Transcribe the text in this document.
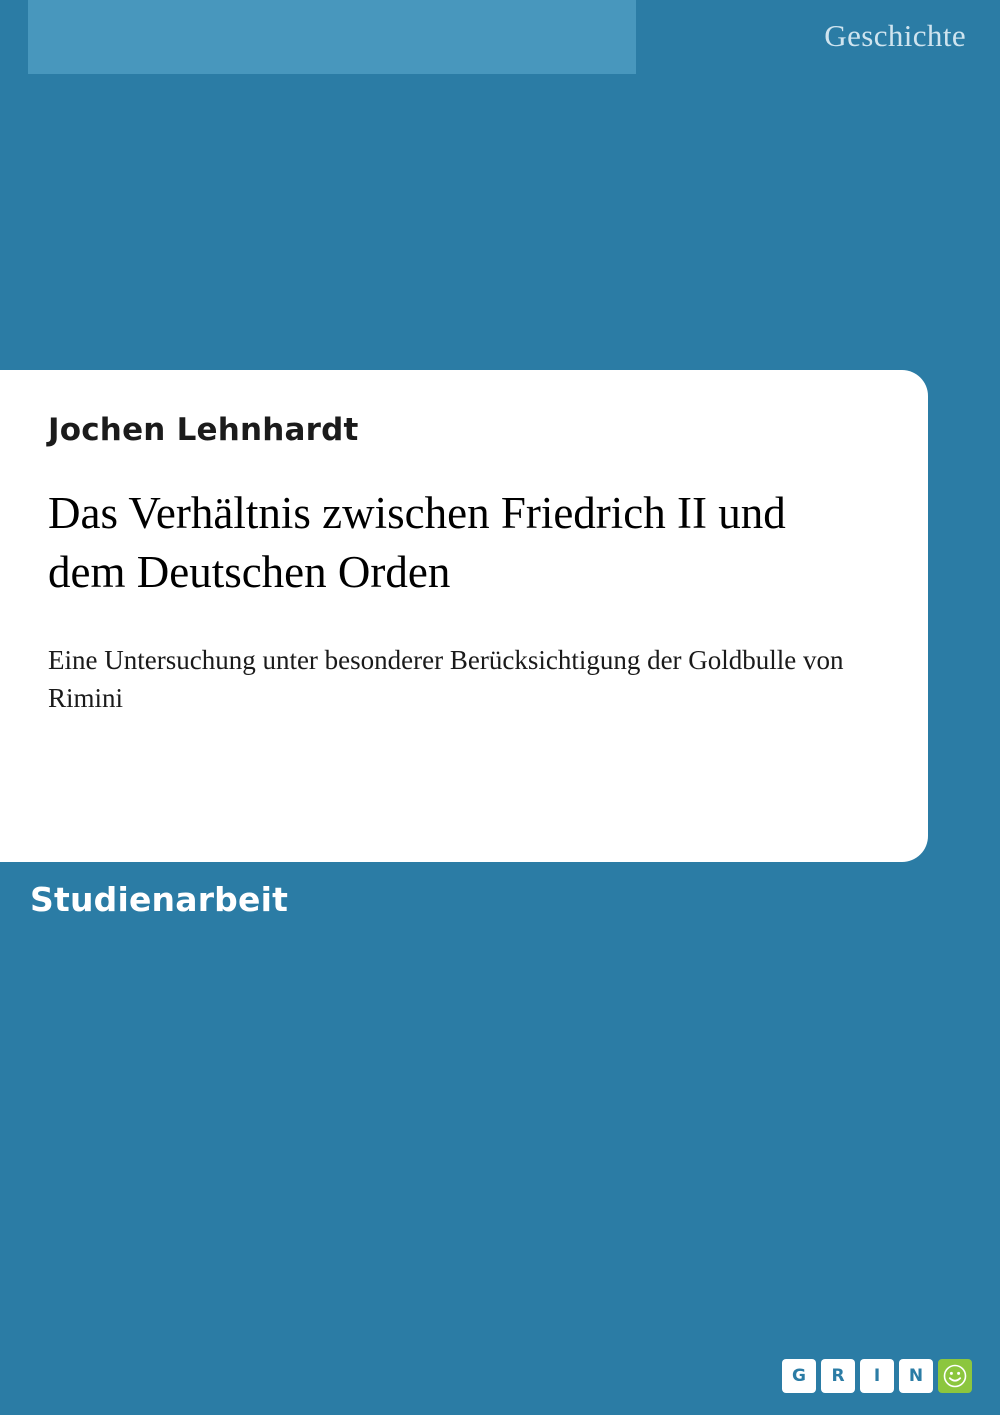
Geschichte
Jochen Lehnhardt
Das Verhältnis zwischen Friedrich II und dem Deutschen Orden
Eine Untersuchung unter besonderer Berücksichtigung der Goldbulle von Rimini
Studienarbeit
G	R	I	N
